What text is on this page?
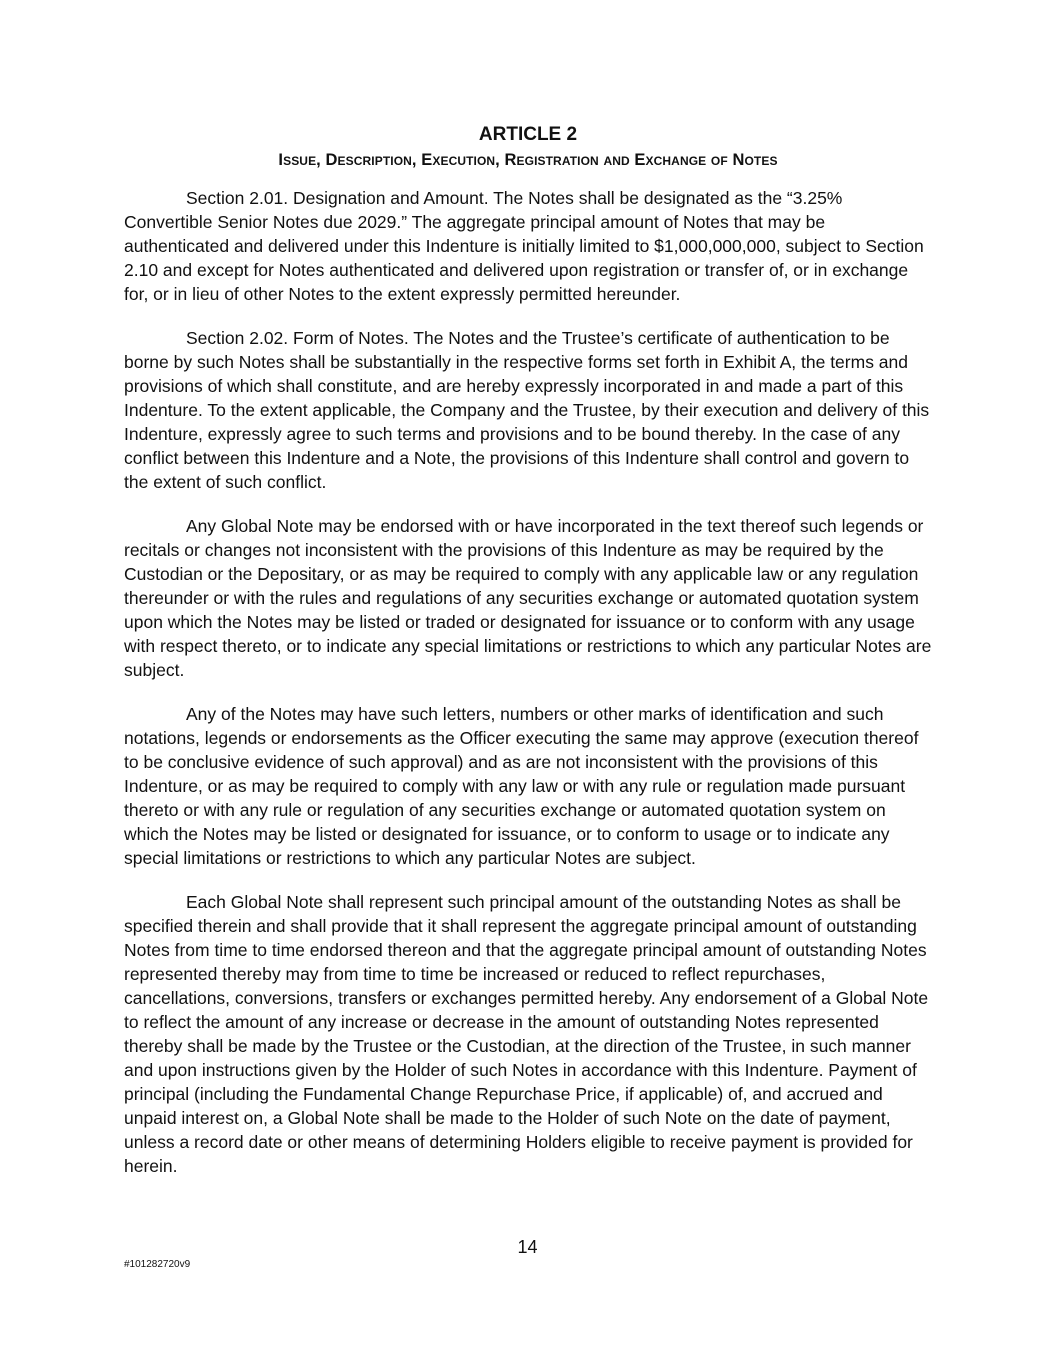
ARTICLE 2
Issue, Description, Execution, Registration and Exchange of Notes

Section 2.01. Designation and Amount. The Notes shall be designated as the “3.25% Convertible Senior Notes due 2029.” The aggregate principal amount of Notes that may be authenticated and delivered under this Indenture is initially limited to $1,000,000,000, subject to Section 2.10 and except for Notes authenticated and delivered upon registration or transfer of, or in exchange for, or in lieu of other Notes to the extent expressly permitted hereunder.

Section 2.02. Form of Notes. The Notes and the Trustee’s certificate of authentication to be borne by such Notes shall be substantially in the respective forms set forth in Exhibit A, the terms and provisions of which shall constitute, and are hereby expressly incorporated in and made a part of this Indenture. To the extent applicable, the Company and the Trustee, by their execution and delivery of this Indenture, expressly agree to such terms and provisions and to be bound thereby. In the case of any conflict between this Indenture and a Note, the provisions of this Indenture shall control and govern to the extent of such conflict.

Any Global Note may be endorsed with or have incorporated in the text thereof such legends or recitals or changes not inconsistent with the provisions of this Indenture as may be required by the Custodian or the Depositary, or as may be required to comply with any applicable law or any regulation thereunder or with the rules and regulations of any securities exchange or automated quotation system upon which the Notes may be listed or traded or designated for issuance or to conform with any usage with respect thereto, or to indicate any special limitations or restrictions to which any particular Notes are subject.

Any of the Notes may have such letters, numbers or other marks of identification and such notations, legends or endorsements as the Officer executing the same may approve (execution thereof to be conclusive evidence of such approval) and as are not inconsistent with the provisions of this Indenture, or as may be required to comply with any law or with any rule or regulation made pursuant thereto or with any rule or regulation of any securities exchange or automated quotation system on which the Notes may be listed or designated for issuance, or to conform to usage or to indicate any special limitations or restrictions to which any particular Notes are subject.

Each Global Note shall represent such principal amount of the outstanding Notes as shall be specified therein and shall provide that it shall represent the aggregate principal amount of outstanding Notes from time to time endorsed thereon and that the aggregate principal amount of outstanding Notes represented thereby may from time to time be increased or reduced to reflect repurchases, cancellations, conversions, transfers or exchanges permitted hereby. Any endorsement of a Global Note to reflect the amount of any increase or decrease in the amount of outstanding Notes represented thereby shall be made by the Trustee or the Custodian, at the direction of the Trustee, in such manner and upon instructions given by the Holder of such Notes in accordance with this Indenture. Payment of principal (including the Fundamental Change Repurchase Price, if applicable) of, and accrued and unpaid interest on, a Global Note shall be made to the Holder of such Note on the date of payment, unless a record date or other means of determining Holders eligible to receive payment is provided for herein.

14
#101282720v9
